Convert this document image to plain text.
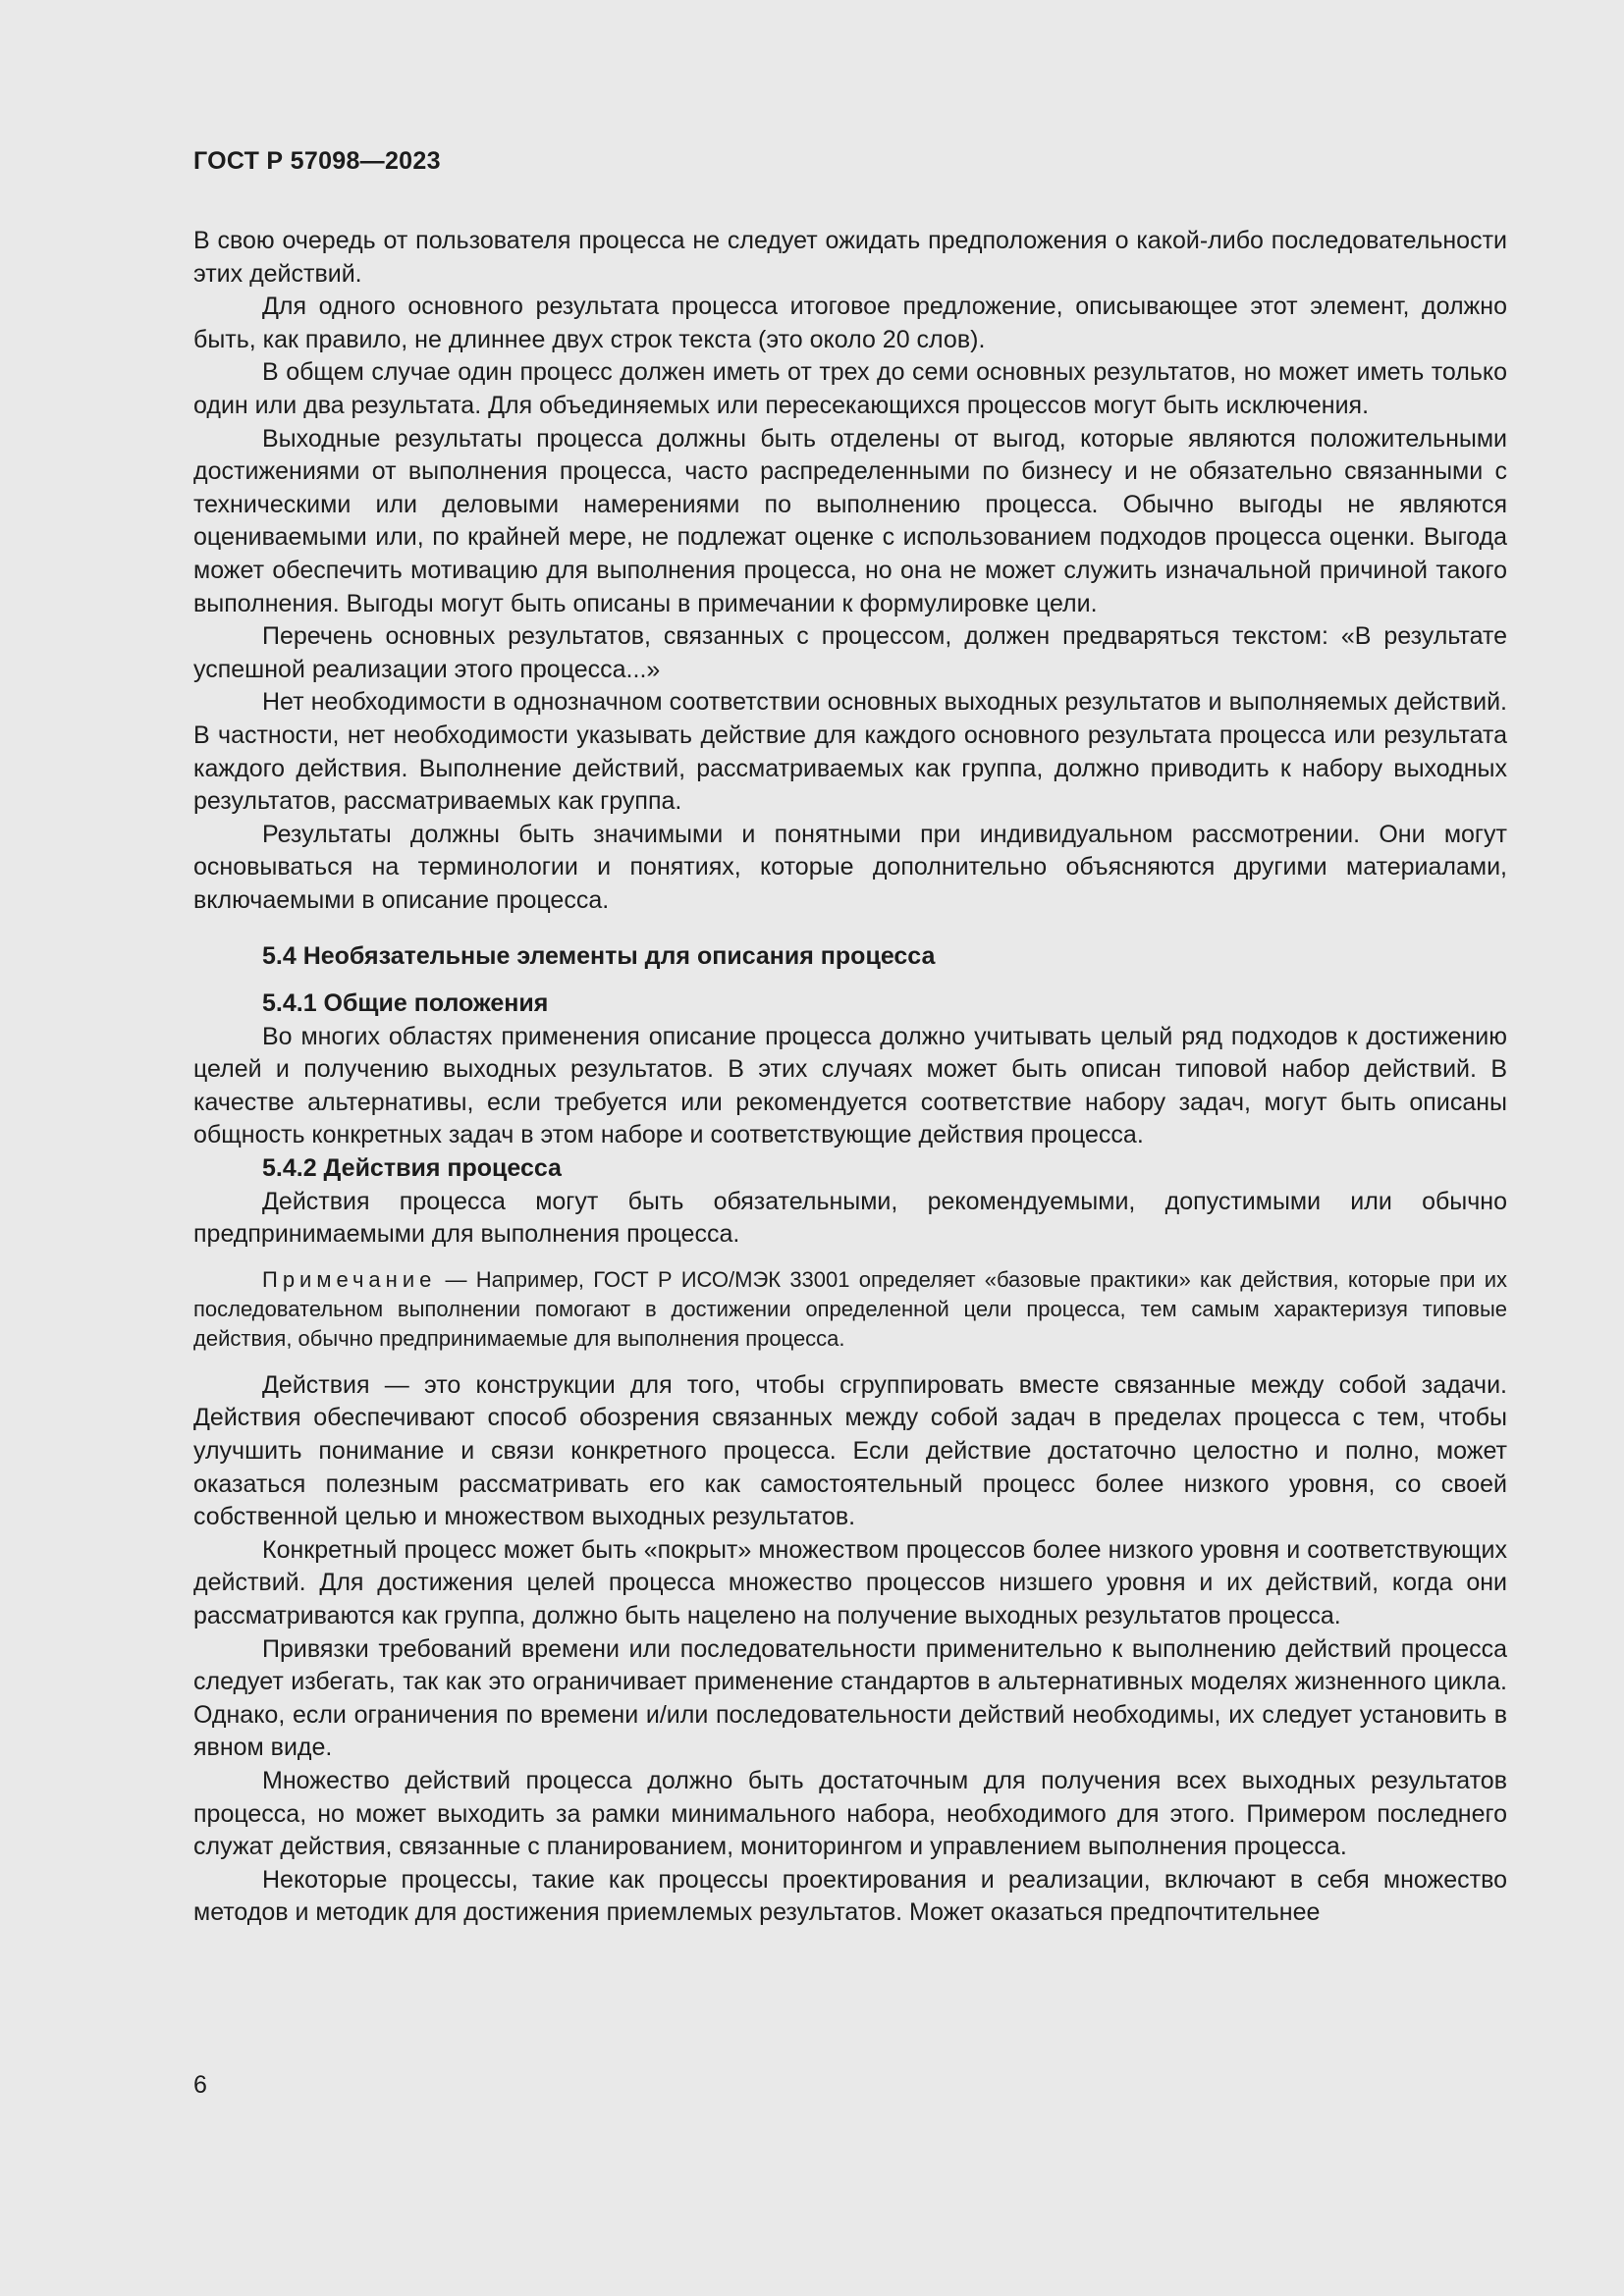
ГОСТ Р 57098—2023

В свою очередь от пользователя процесса не следует ожидать предположения о какой-либо последовательности этих действий.

Для одного основного результата процесса итоговое предложение, описывающее этот элемент, должно быть, как правило, не длиннее двух строк текста (это около 20 слов).

В общем случае один процесс должен иметь от трех до семи основных результатов, но может иметь только один или два результата. Для объединяемых или пересекающихся процессов могут быть исключения.

Выходные результаты процесса должны быть отделены от выгод, которые являются положительными достижениями от выполнения процесса, часто распределенными по бизнесу и не обязательно связанными с техническими или деловыми намерениями по выполнению процесса. Обычно выгоды не являются оцениваемыми или, по крайней мере, не подлежат оценке с использованием подходов процесса оценки. Выгода может обеспечить мотивацию для выполнения процесса, но она не может служить изначальной причиной такого выполнения. Выгоды могут быть описаны в примечании к формулировке цели.

Перечень основных результатов, связанных с процессом, должен предваряться текстом: «В результате успешной реализации этого процесса...»

Нет необходимости в однозначном соответствии основных выходных результатов и выполняемых действий. В частности, нет необходимости указывать действие для каждого основного результата процесса или результата каждого действия. Выполнение действий, рассматриваемых как группа, должно приводить к набору выходных результатов, рассматриваемых как группа.

Результаты должны быть значимыми и понятными при индивидуальном рассмотрении. Они могут основываться на терминологии и понятиях, которые дополнительно объясняются другими материалами, включаемыми в описание процесса.

5.4 Необязательные элементы для описания процесса
5.4.1 Общие положения

Во многих областях применения описание процесса должно учитывать целый ряд подходов к достижению целей и получению выходных результатов. В этих случаях может быть описан типовой набор действий. В качестве альтернативы, если требуется или рекомендуется соответствие набору задач, могут быть описаны общность конкретных задач в этом наборе и соответствующие действия процесса.

5.4.2 Действия процесса

Действия процесса могут быть обязательными, рекомендуемыми, допустимыми или обычно предпринимаемыми для выполнения процесса.

Примечание — Например, ГОСТ Р ИСО/МЭК 33001 определяет «базовые практики» как действия, которые при их последовательном выполнении помогают в достижении определенной цели процесса, тем самым характеризуя типовые действия, обычно предпринимаемые для выполнения процесса.

Действия — это конструкции для того, чтобы сгруппировать вместе связанные между собой задачи. Действия обеспечивают способ обозрения связанных между собой задач в пределах процесса с тем, чтобы улучшить понимание и связи конкретного процесса. Если действие достаточно целостно и полно, может оказаться полезным рассматривать его как самостоятельный процесс более низкого уровня, со своей собственной целью и множеством выходных результатов.

Конкретный процесс может быть «покрыт» множеством процессов более низкого уровня и соответствующих действий. Для достижения целей процесса множество процессов низшего уровня и их действий, когда они рассматриваются как группа, должно быть нацелено на получение выходных результатов процесса.

Привязки требований времени или последовательности применительно к выполнению действий процесса следует избегать, так как это ограничивает применение стандартов в альтернативных моделях жизненного цикла. Однако, если ограничения по времени и/или последовательности действий необходимы, их следует установить в явном виде.

Множество действий процесса должно быть достаточным для получения всех выходных результатов процесса, но может выходить за рамки минимального набора, необходимого для этого. Примером последнего служат действия, связанные с планированием, мониторингом и управлением выполнения процесса.

Некоторые процессы, такие как процессы проектирования и реализации, включают в себя множество методов и методик для достижения приемлемых результатов. Может оказаться предпочтительнее

6
